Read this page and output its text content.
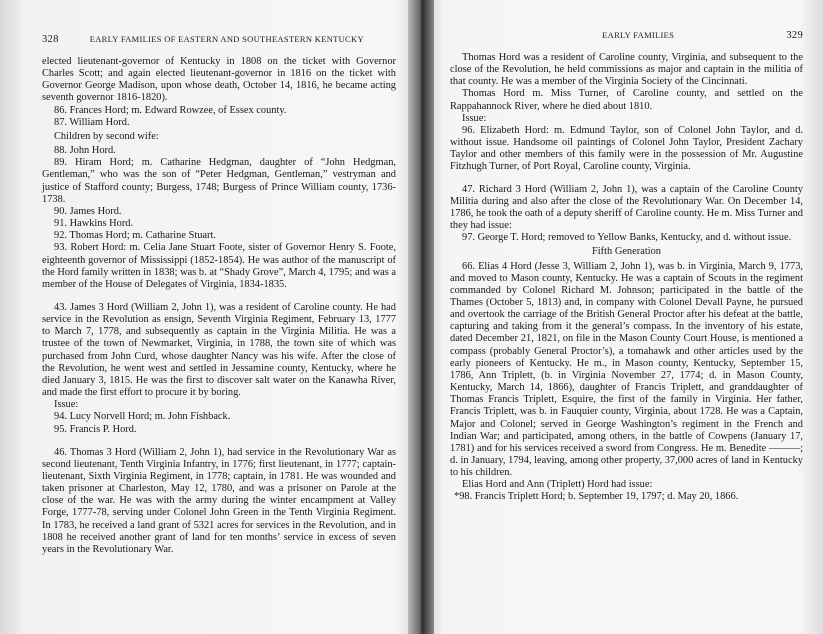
328	EARLY FAMILIES OF EASTERN AND SOUTHEASTERN KENTUCKY

elected lieutenant-governor of Kentucky in 1808 on the ticket with Governor Charles Scott; and again elected lieutenant-governor in 1816 on the ticket with Governor George Madison, upon whose death, October 14, 1816, he became acting seventh governor 1816-1820).

86. Frances Hord; m. Edward Rowzee, of Essex county.

87. William Hord.

Children by second wife:

88. John Hord.

89. Hiram Hord; m. Catharine Hedgman, daughter of “John Hedgman, Gentleman,” who was the son of “Peter Hedgman, Gentleman,” vestryman and justice of Stafford county; Burgess, 1748; Burgess of Prince William county, 1736-1738.

90. James Hord.

91. Hawkins Hord.

92. Thomas Hord; m. Catharine Stuart.

93. Robert Hord: m. Celia Jane Stuart Foote, sister of Governor Henry S. Foote, eighteenth governor of Mississippi (1852-1854). He was author of the manuscript of the Hord family written in 1838; was b. at “Shady Grove”, March 4, 1795; and was a member of the House of Delegates of Virginia, 1834-1835.

43. James 3 Hord (William 2, John 1), was a resident of Caroline county. He had service in the Revolution as ensign, Seventh Virginia Regiment, February 13, 1777 to March 7, 1778, and subsequently as captain in the Virginia Militia. He was a trustee of the town of Newmarket, Virginia, in 1788, the town site of which was purchased from John Curd, whose daughter Nancy was his wife. After the close of the Revolution, he went west and settled in Jessamine county, Kentucky, where he died January 3, 1815. He was the first to discover salt water on the Kanawha River, and made the first effort to procure it by boring.

Issue:

94. Lucy Norvell Hord; m. John Fishback.

95. Francis P. Hord.

46. Thomas 3 Hord (William 2, John 1), had service in the Revolutionary War as second lieutenant, Tenth Virginia Infantry, in 1776; first lieutenant, in 1777; captain-lieutenant, Sixth Virginia Regiment, in 1778; captain, in 1781. He was wounded and taken prisoner at Charleston, May 12, 1780, and was a prisoner on Parole at the close of the war. He was with the army during the winter encampment at Valley Forge, 1777-78, serving under Colonel John Green in the Tenth Virginia Regiment. In 1783, he received a land grant of 5321 acres for services in the Revolution, and in 1808 he received another grant of land for ten months’ service in excess of seven years in the Revolutionary War.

EARLY FAMILIES	329

Thomas Hord was a resident of Caroline county, Virginia, and subsequent to the close of the Revolution, he held commissions as major and captain in the militia of that county. He was a member of the Virginia Society of the Cincinnati.

Thomas Hord m. Miss Turner, of Caroline county, and settled on the Rappahannock River, where he died about 1810.

Issue:

96. Elizabeth Hord: m. Edmund Taylor, son of Colonel John Taylor, and d. without issue. Handsome oil paintings of Colonel John Taylor, President Zachary Taylor and other members of this family were in the possession of Mr. Augustine Fitzhugh Turner, of Port Royal, Caroline county, Virginia.

47. Richard 3 Hord (William 2, John 1), was a captain of the Caroline County Militia during and also after the close of the Revolutionary War. On December 14, 1786, he took the oath of a deputy sheriff of Caroline county. He m. Miss Turner and they had issue:

97. George T. Hord; removed to Yellow Banks, Kentucky, and d. without issue.

Fifth Generation

66. Elias 4 Hord (Jesse 3, William 2, John 1), was b. in Virginia, March 9, 1773, and moved to Mason county, Kentucky. He was a captain of Scouts in the regiment commanded by Colonel Richard M. Johnson; participated in the battle of the Thames (October 5, 1813) and, in company with Colonel Devall Payne, he pursued and overtook the carriage of the British General Proctor after his defeat at the battle, capturing and taking from it the general’s compass. In the inventory of his estate, dated December 21, 1821, on file in the Mason County Court House, is mentioned a compass (probably General Proctor’s), a tomahawk and other articles used by the early pioneers of Kentucky. He m., in Mason county, Kentucky, September 15, 1786, Ann Triplett, (b. in Virginia November 27, 1774; d. in Mason County, Kentucky, March 14, 1866), daughter of Francis Triplett, and granddaughter of Thomas Francis Triplett, Esquire, the first of the family in Virginia. Her father, Francis Triplett, was b. in Fauquier county, Virginia, about 1728. He was a Captain, Major and Colonel; served in George Washington’s regiment in the French and Indian War; and participated, among others, in the battle of Cowpens (January 17, 1781) and for his services received a sword from Congress. He m. Benedite ———; d. in January, 1794, leaving, among other property, 37,000 acres of land in Kentucky to his children.

Elias Hord and Ann (Triplett) Hord had issue:

*98. Francis Triplett Hord; b. September 19, 1797; d. May 20, 1866.
